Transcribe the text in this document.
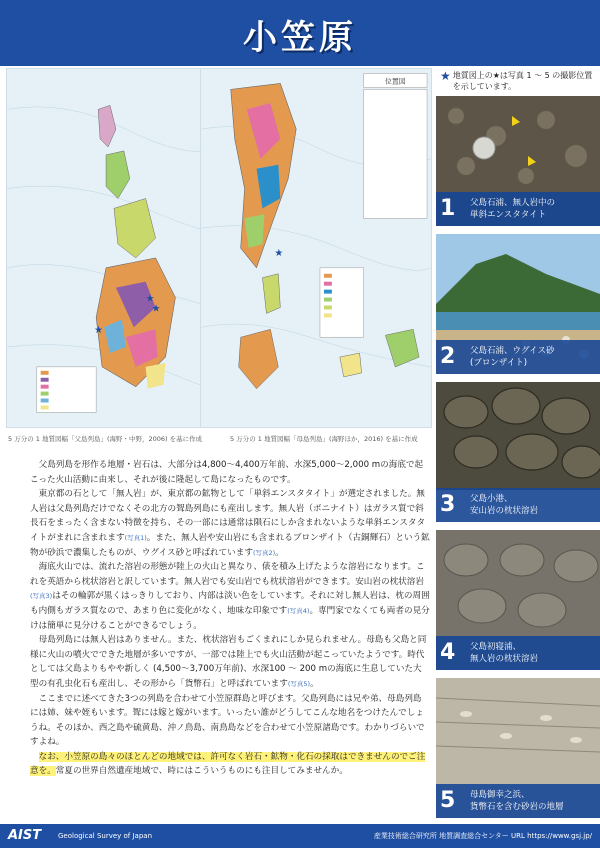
小笠原
★
★
★
位置図
★
5 万分の 1 地質図幅「父島列島」(海野・中野，2006) を基に作成	5 万分の 1 地質図幅「母島列島」(海野ほか，2016) を基に作成
★ 地質図上の★は写真 1 ～ 5 の撮影位置を示しています。
1 父島石浦、無人岩中の
単斜エンスタタイト
2 父島石浦、ウグイス砂
(ブロンザイト)
3 父島小港、
安山岩の枕状溶岩
4 父島初寝浦、
無人岩の枕状溶岩
5 母島御幸之浜、
貨幣石を含む砂岩の地層

父島列島を形作る地層・岩石は、大部分は4,800～4,400万年前、水深5,000～2,000 mの海底で起こった火山活動に由来し、それが後に隆起して島になったものです。

東京都の石として「無人岩」が、東京都の鉱物として「単斜エンスタタイト」が選定されました。無人岩は父島列島だけでなくその北方の聟島列島にも産出します。無人岩（ボニナイト）はガラス質で斜長石をまったく含まない特徴を持ち、その一部には通常は隕石にしか含まれないような単斜エンスタタイトがまれに含まれます(写真1)。また、無人岩や安山岩にも含まれるブロンザイト（古銅輝石）という鉱物が砂浜で濃集したものが、ウグイス砂と呼ばれています(写真2)。

海底火山では、流れた溶岩の形態が陸上の火山と異なり、俵を積み上げたような溶岩になります。これを英語から枕状溶岩と訳しています。無人岩でも安山岩でも枕状溶岩ができます。安山岩の枕状溶岩(写真3)はその輪郭が黒くはっきりしており、内部は淡い色をしています。それに対し無人岩は、枕の周囲も内側もガラス質なので、あまり色に変化がなく、地味な印象です(写真4)。専門家でなくても両者の見分けは簡単に見分けることができるでしょう。

母島列島には無人岩はありません。また、枕状溶岩もごくまれにしか見られません。母島も父島と同様に火山の噴火でできた地層が多いですが、一部では陸上でも火山活動が起こっていたようです。時代としては父島よりもやや新しく (4,500～3,700万年前)、水深100 ～ 200 mの海底に生息していた大型の有孔虫化石も産出し、その形から「貨幣石」と呼ばれています(写真5)。

ここまでに述べてきた3つの列島を合わせて小笠原群島と呼びます。父島列島には兄や弟、母島列島には姉、妹や姪もいます。聟には嫁と嫁がいます。いったい誰がどうしてこんな地名をつけたんでしょうね。そのほか、西之島や硫黄島、沖ノ鳥島、南鳥島などを合わせて小笠原諸島です。わかりづらいですよね。

なお、小笠原の島々のほとんどの地域では、許可なく岩石・鉱物・化石の採取はできませんのでご注意を。常夏の世界自然遺産地域で、時にはこういうものにも注目してみませんか。

AIST Geological Survey of Japan	産業技術総合研究所 地質調査総合センター URL https://www.gsj.jp/
